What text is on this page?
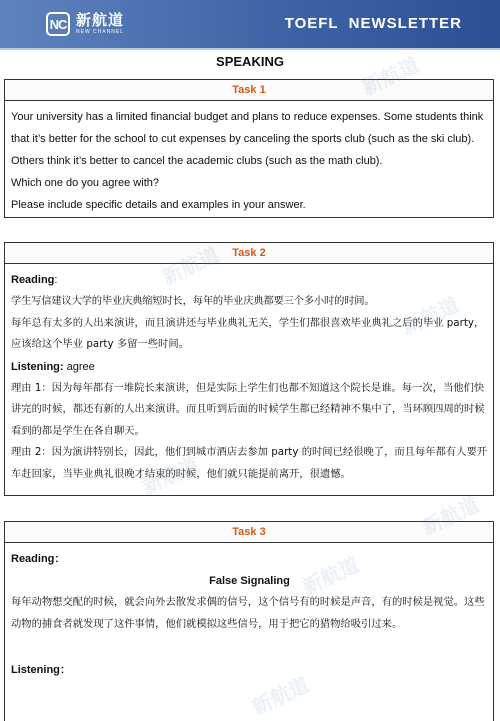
NC 新航道
NEW CHANNEL	TOEFL  NEWSLETTER
SPEAKING
Task 1

Your university has a limited financial budget and plans to reduce expenses. Some students think that it’s better for the school to cut expenses by canceling the sports club (such as the ski club). Others think it’s better to cancel the academic clubs (such as the math club).

Which one do you agree with?

Please include specific details and examples in your answer.

Task 2

Reading:

学生写信建议大学的毕业庆典缩短时长，每年的毕业庆典都要三个多小时的时间。

每年总有太多的人出来演讲，而且演讲还与毕业典礼无关，学生们都很喜欢毕业典礼之后的毕业 party，应该给这个毕业 party 多留一些时间。

Listening: agree

理由 1：因为每年都有一堆院长来演讲，但是实际上学生们也都不知道这个院长是谁。每一次，当他们快讲完的时候，都还有新的人出来演讲。而且听到后面的时候学生都已经精神不集中了，当环顾四周的时候看到的都是学生在各自聊天。

理由 2：因为演讲特别长，因此，他们到城市酒店去参加 party 的时间已经很晚了，而且每年都有人要开车赶回家，当毕业典礼很晚才结束的时候，他们就只能提前离开，很遗憾。

Task 3

Reading：

False Signaling

每年动物想交配的时候，就会向外去散发求偶的信号，这个信号有的时候是声音，有的时候是视觉。这些动物的捕食者就发现了这件事情，他们就模拟这些信号，用于把它的猎物给吸引过来。

Listening：

新航道
新航道
新航道
新航道
新航道
新航道
新航道
